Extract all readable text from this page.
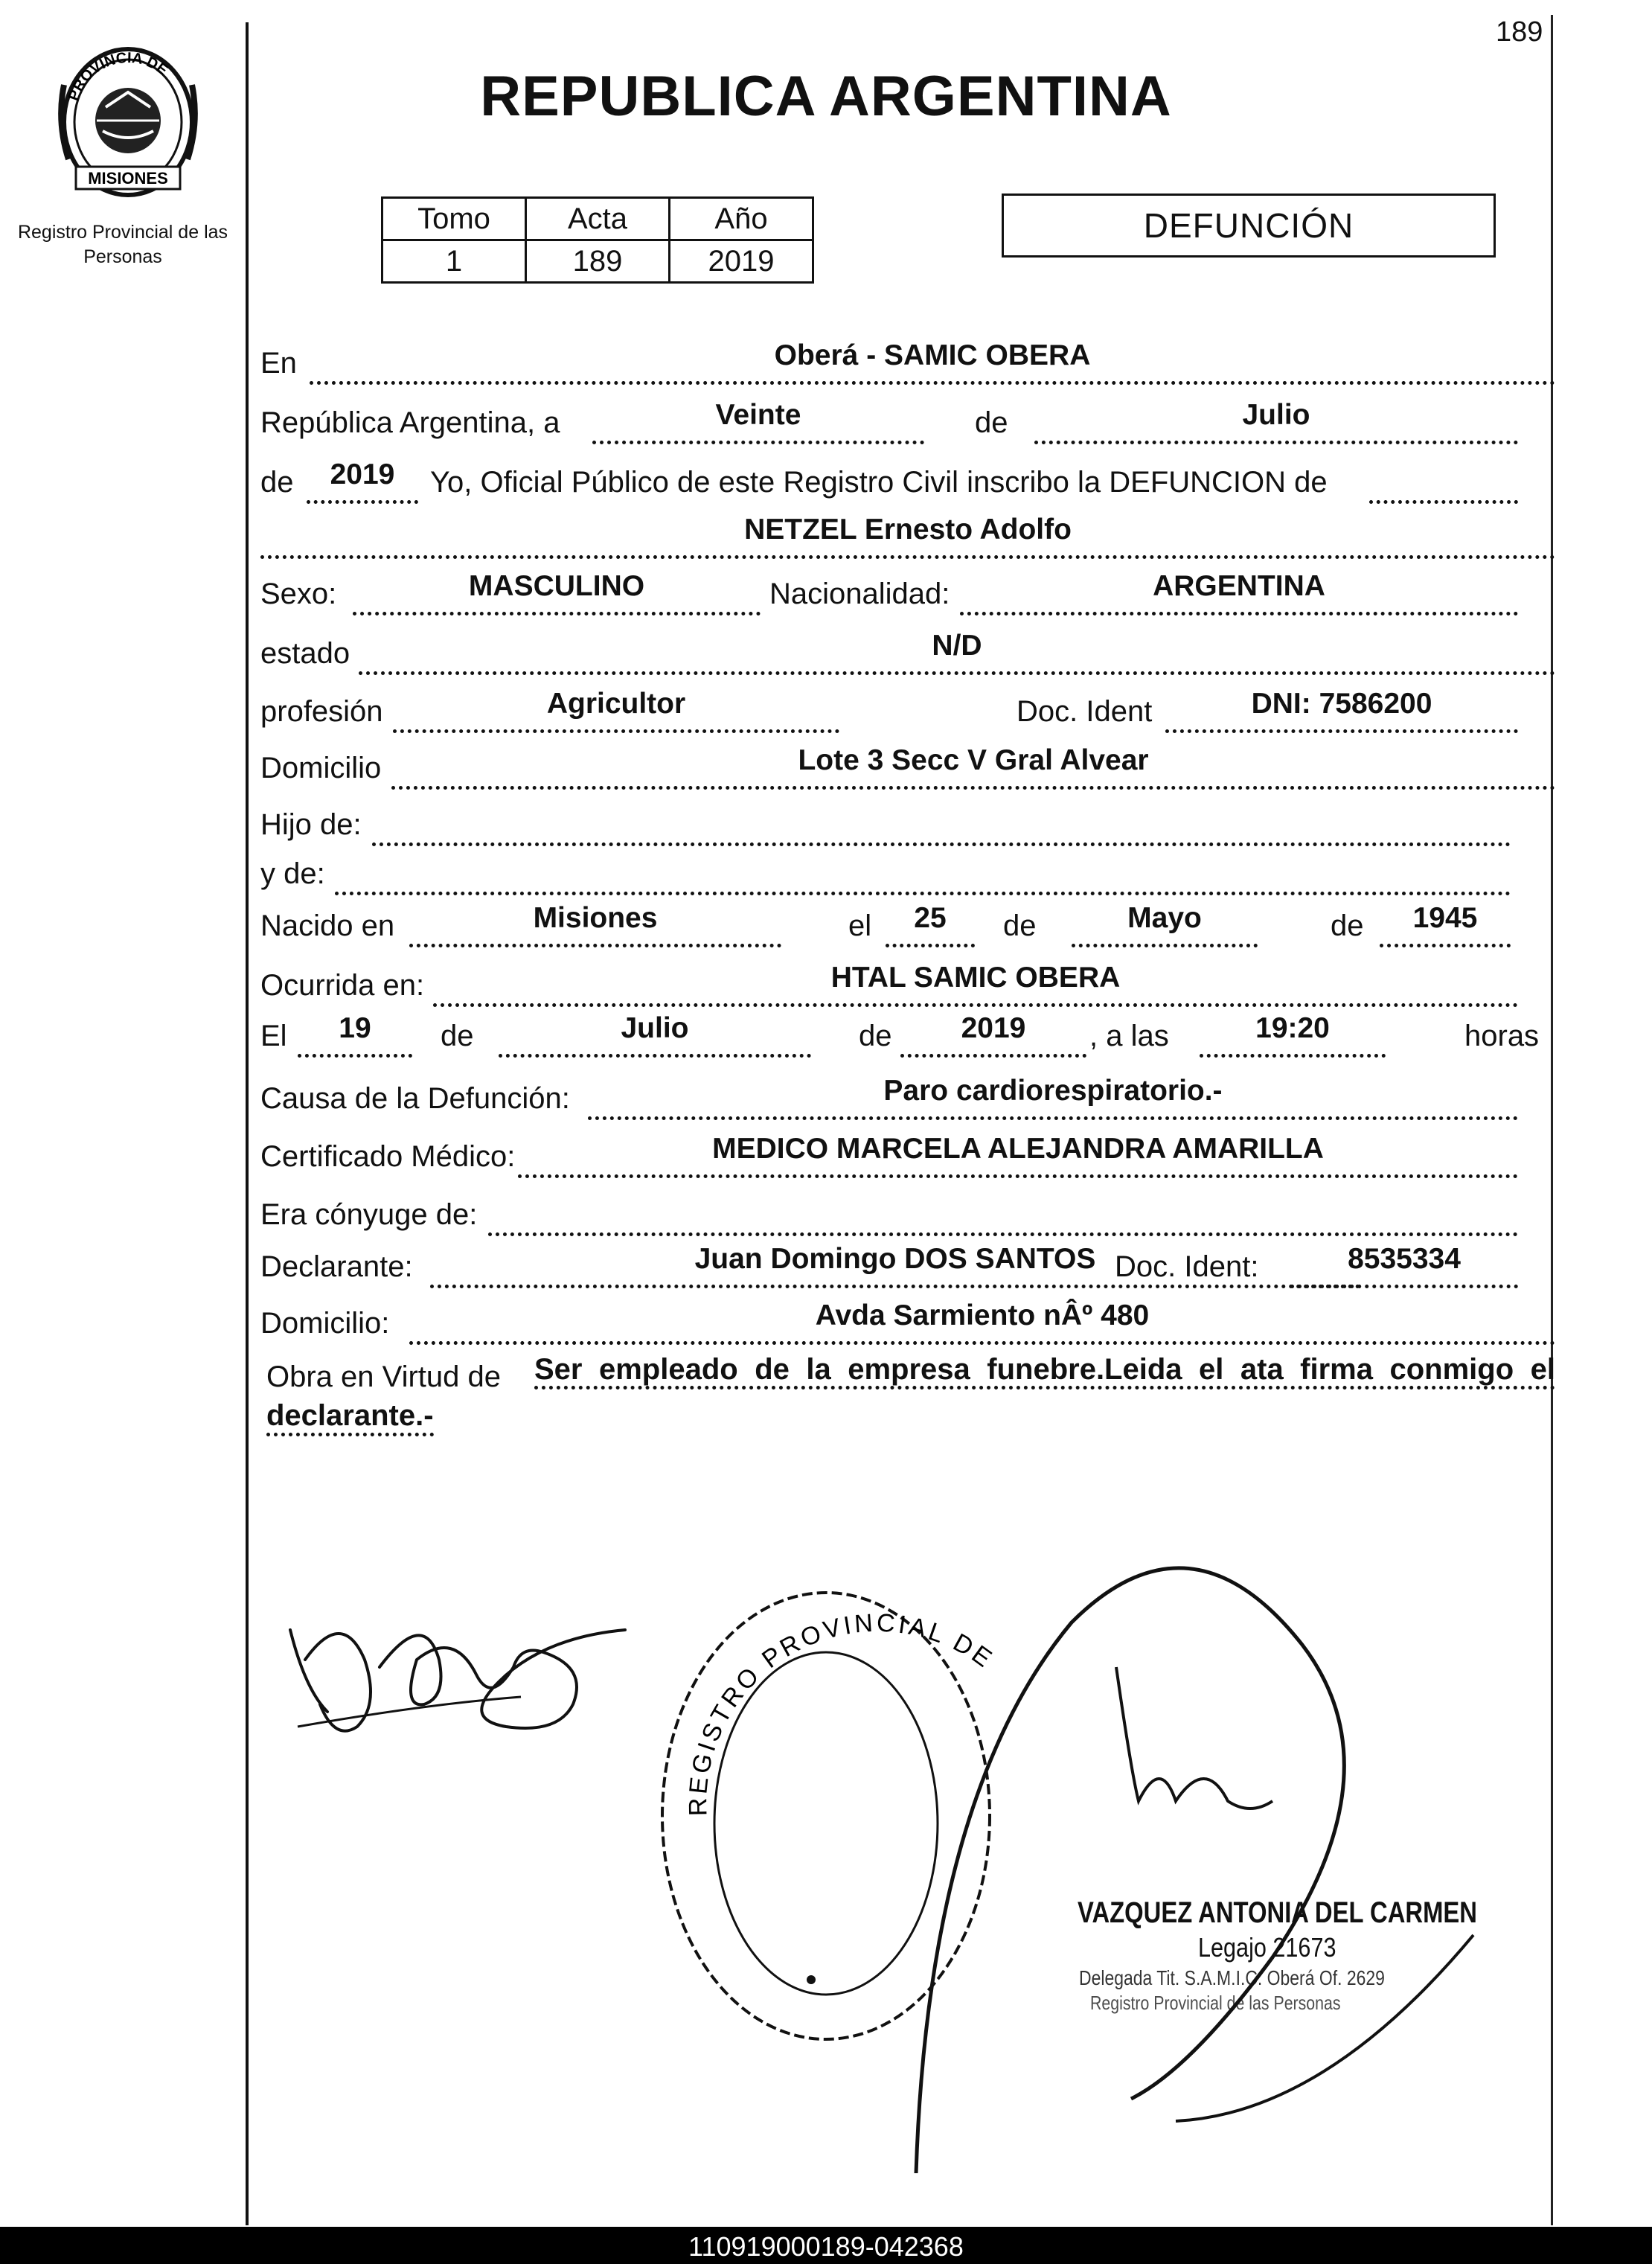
189
PROVINCIA DE
MISIONES
Registro Provincial de las Personas
REPUBLICA ARGENTINA
Tomo	Acta	Año
1	189	2019
DEFUNCIÓN
En	Oberá - SAMIC OBERA
República Argentina, a	Veinte	de	Julio
de	2019	Yo, Oficial Público de este Registro Civil inscribo la DEFUNCION de
NETZEL Ernesto Adolfo
Sexo:	MASCULINO	Nacionalidad:	ARGENTINA
estado	N/D
profesión	Agricultor	Doc. Ident	DNI: 7586200
Domicilio	Lote 3 Secc V Gral Alvear
Hijo de:
y de:
Nacido en	Misiones	el	25	de	Mayo	de	1945
Ocurrida en:	HTAL SAMIC OBERA
El	19	de	Julio	de	2019	, a las	19:20	horas
Causa de la Defunción:	Paro cardiorespiratorio.-
Certificado Médico:	MEDICO MARCELA ALEJANDRA AMARILLA
Era cónyuge de:
Declarante:	Juan Domingo DOS SANTOS Doc. Ident:	8535334
Domicilio:	Avda Sarmiento nÂº 480
Obra en Virtud de Ser empleado de la empresa funebre.Leida el ata firma conmigo el
declarante.-
REGISTRO PROVINCIAL DE
VAZQUEZ ANTONIA DEL CARMEN
Legajo 21673
Delegada Tit. S.A.M.I.C. Oberá Of. 2629
Registro Provincial de las Personas
110919000189-042368
